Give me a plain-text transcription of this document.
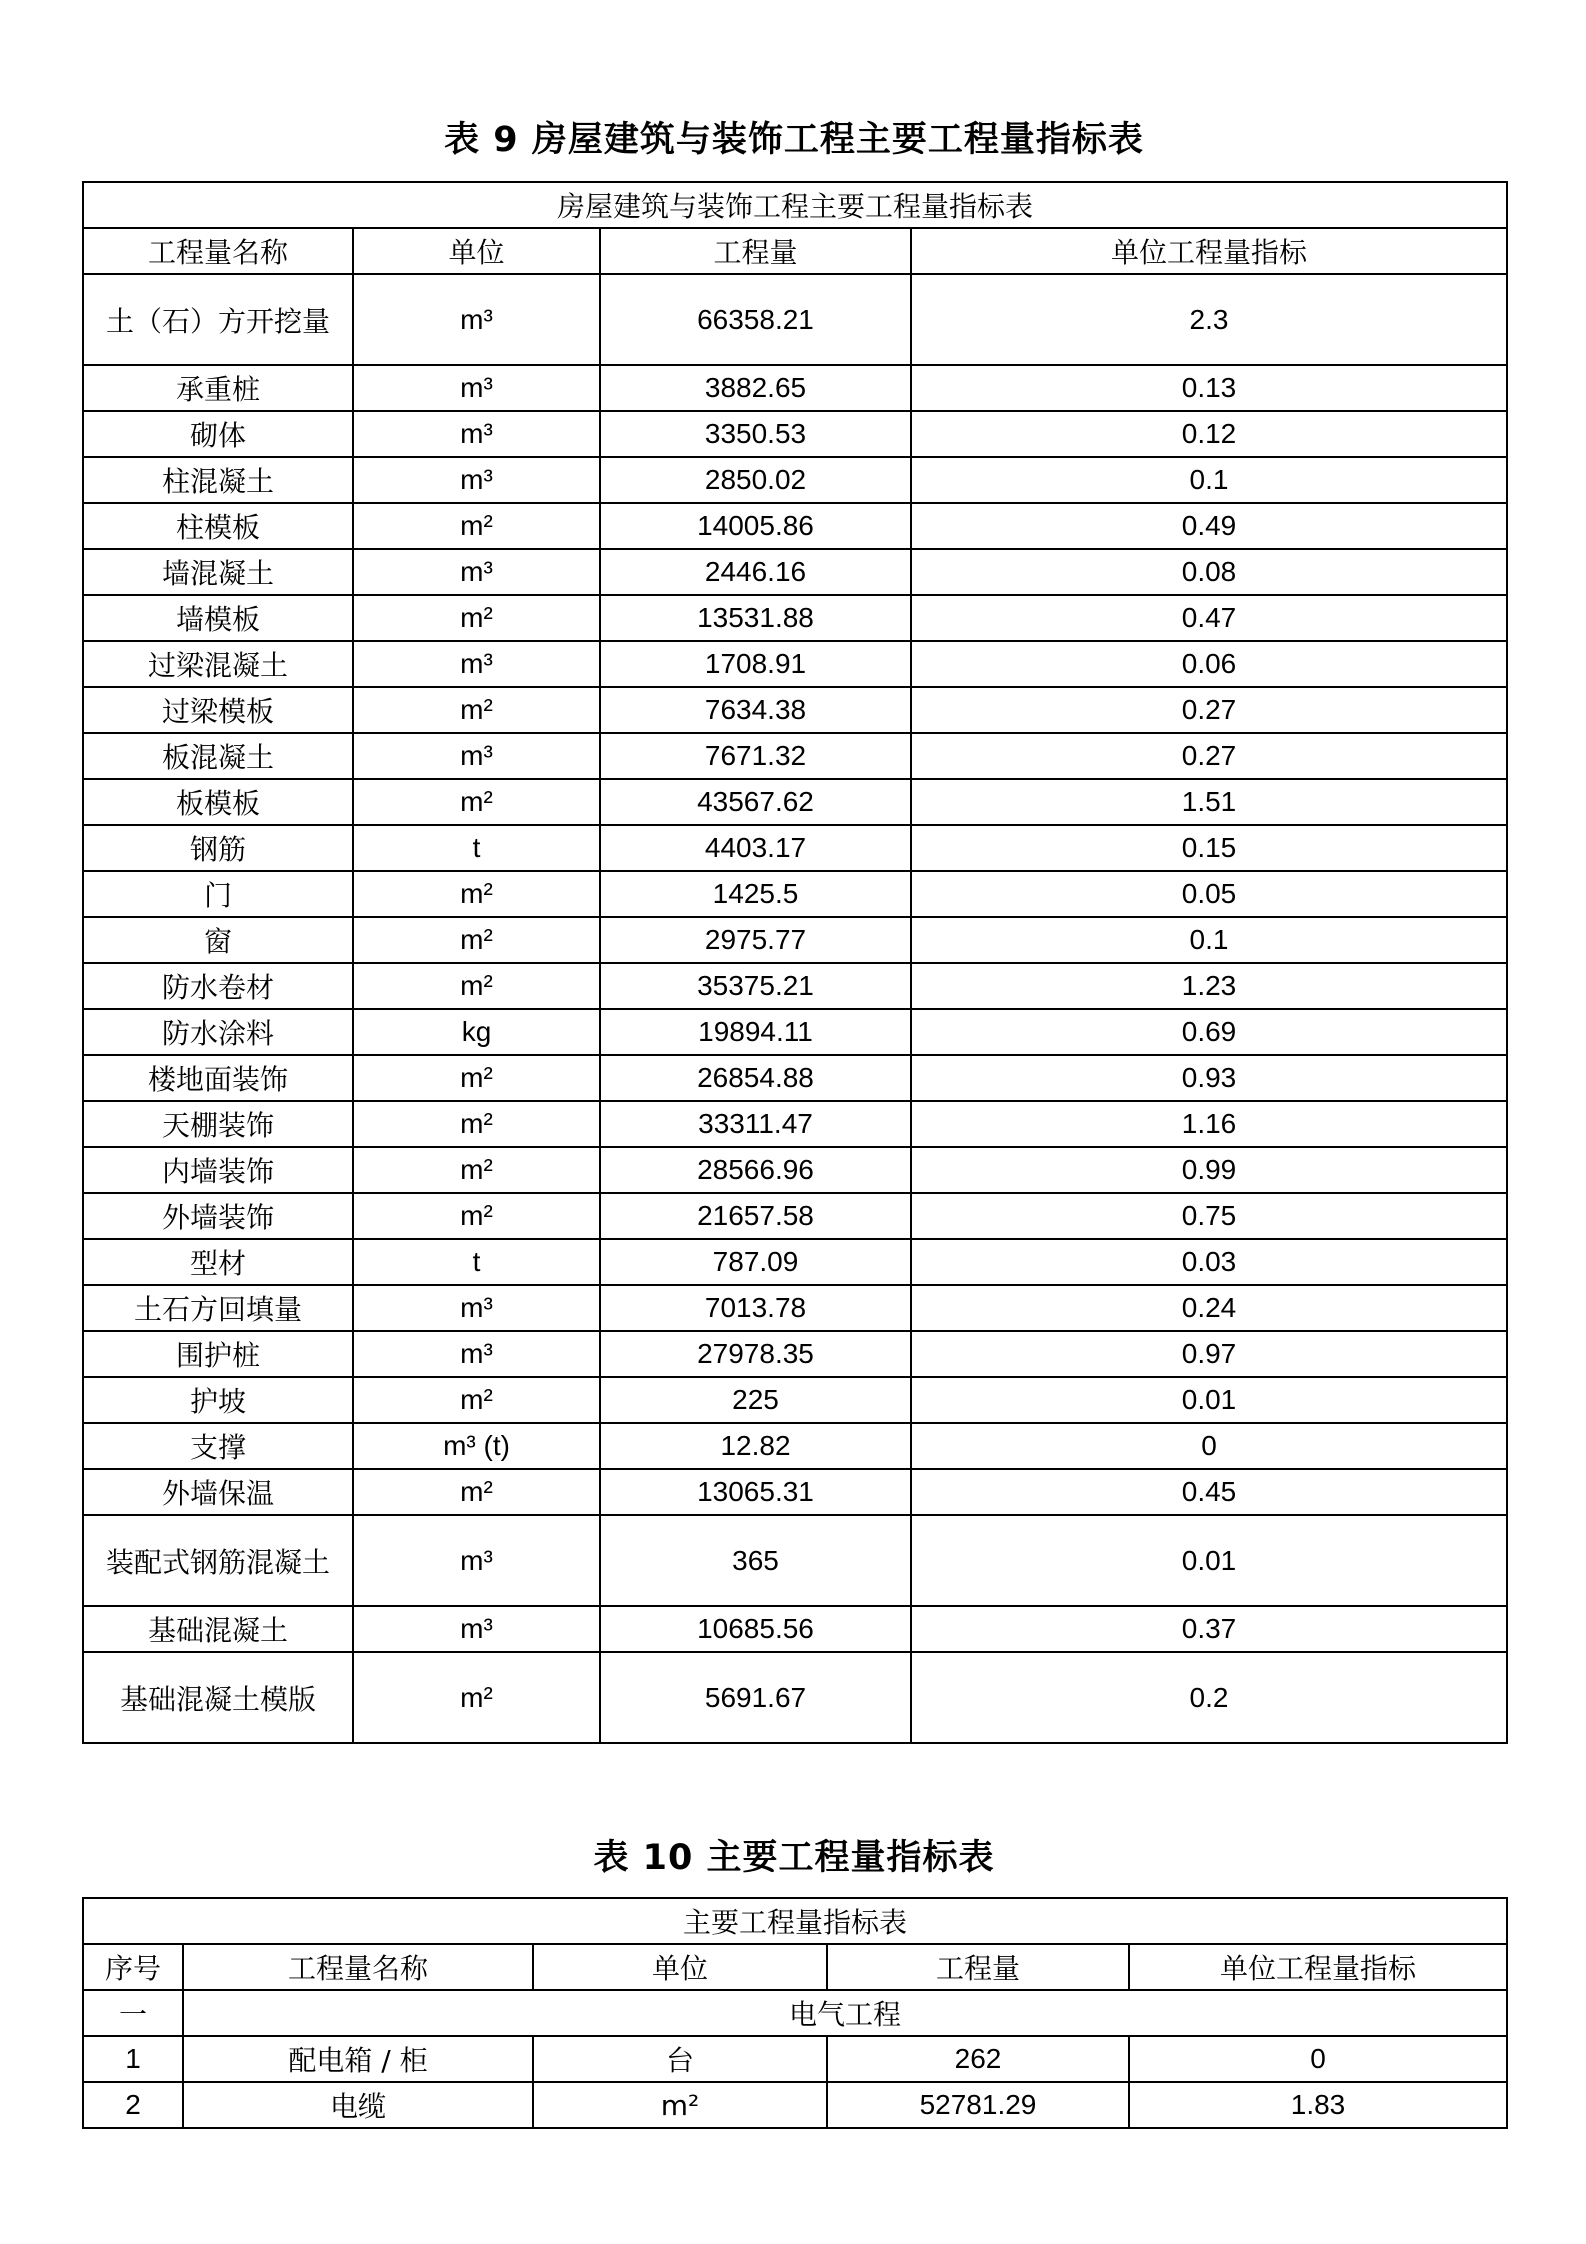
表 9 房屋建筑与装饰工程主要工程量指标表
房屋建筑与装饰工程主要工程量指标表			
工程量名称	单位	工程量	单位工程量指标
土（石）方开挖量	m³	66358.21	2.3
承重桩	m³	3882.65	0.13
砌体	m³	3350.53	0.12
柱混凝土	m³	2850.02	0.1
柱模板	m²	14005.86	0.49
墙混凝土	m³	2446.16	0.08
墙模板	m²	13531.88	0.47
过梁混凝土	m³	1708.91	0.06
过梁模板	m²	7634.38	0.27
板混凝土	m³	7671.32	0.27
板模板	m²	43567.62	1.51
钢筋	t	4403.17	0.15
门	m²	1425.5	0.05
窗	m²	2975.77	0.1
防水卷材	m²	35375.21	1.23
防水涂料	kg	19894.11	0.69
楼地面装饰	m²	26854.88	0.93
天棚装饰	m²	33311.47	1.16
内墙装饰	m²	28566.96	0.99
外墙装饰	m²	21657.58	0.75
型材	t	787.09	0.03
土石方回填量	m³	7013.78	0.24
围护桩	m³	27978.35	0.97
护坡	m²	225	0.01
支撑	m³ (t)	12.82	0
外墙保温	m²	13065.31	0.45
装配式钢筋混凝土	m³	365	0.01
基础混凝土	m³	10685.56	0.37
基础混凝土模版	m²	5691.67	0.2
表 10 主要工程量指标表
主要工程量指标表				
序号	工程量名称	单位	工程量	单位工程量指标
一	电气工程			
1	配电箱 / 柜	台	262	0
2	电缆	m²	52781.29	1.83
